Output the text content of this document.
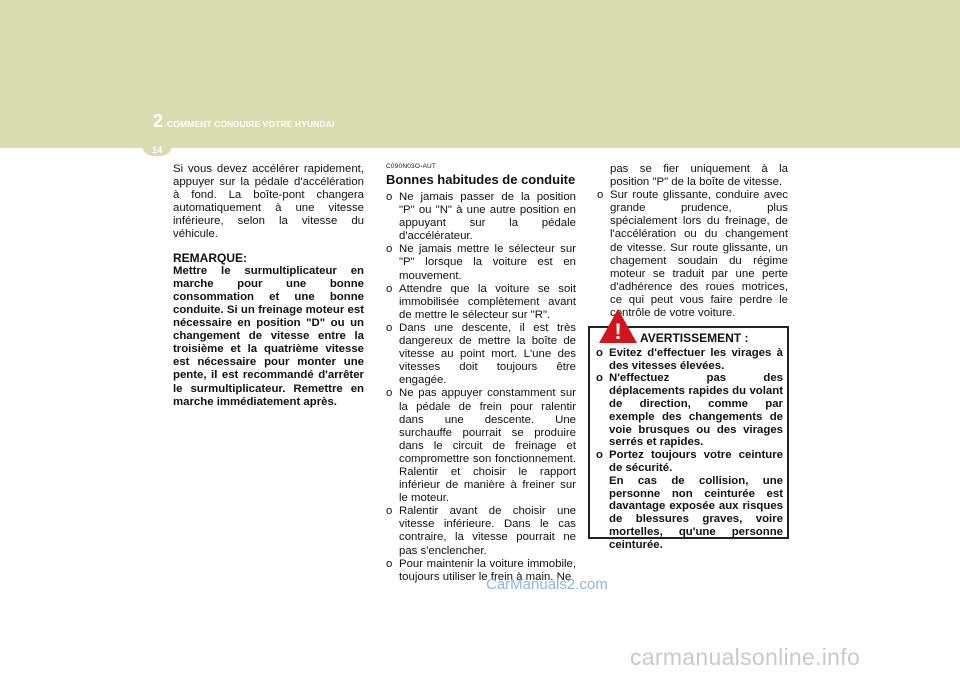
2 COMMENT CONDUIRE VOTRE HYUNDAI
14

Si vous devez accélérer rapidement, appuyer sur la pédale d'accélération à fond. La boîte-pont changera automatiquement à une vitesse inférieure, selon la vitesse du véhicule.

REMARQUE:

Mettre le surmultiplicateur en marche pour une bonne consommation et une bonne conduite. Si un freinage moteur est nécessaire en position "D" ou un changement de vitesse entre la troisième et la quatrième vitesse est nécessaire pour monter une pente, il est recommandé d'arrêter le surmultiplicateur. Remettre en marche immédiatement après.

C090N03O-AUT

Bonnes habitudes de conduite

o Ne jamais passer de la position "P" ou "N" à une autre position en appuyant sur la pédale d'accélérateur.
o Ne jamais mettre le sélecteur sur "P" lorsque la voiture est en mouvement.
o Attendre que la voiture se soit immobilisée complètement avant de mettre le sélecteur sur "R".
o Dans une descente, il est très dangereux de mettre la boîte de vitesse au point mort. L'une des vitesses doit toujours être engagée.
o Ne pas appuyer constamment sur la pédale de frein pour ralentir dans une descente. Une surchauffe pourrait se produire dans le circuit de freinage et compromettre son fonctionnement. Ralentir et choisir le rapport inférieur de manière à freiner sur le moteur.
o Ralentir avant de choisir une vitesse inférieure. Dans le cas contraire, la vitesse pourrait ne pas s'enclencher.
o Pour maintenir la voiture immobile, toujours utiliser le frein à main. Ne

pas se fier uniquement à la position "P" de la boîte de vitesse.

o Sur route glissante, conduire avec grande prudence, plus spécialement lors du freinage, de l'accélération ou du changement de vitesse. Sur route glissante, un chagement soudain du régime moteur se traduit par une perte d'adhérence des roues motrices, ce qui peut vous faire perdre le contrôle de votre voiture.

AVERTISSEMENT :

o Evitez d'effectuer les virages à des vitesses élevées.
o N'effectuez pas des déplacements rapides du volant de direction, comme par exemple des changements de voie brusques ou des virages serrés et rapides.
o Portez toujours votre ceinture de sécurité.
En cas de collision, une personne non ceinturée est davantage exposée aux risques de blessures graves, voire mortelles, qu'une personne ceinturée.
!
CarManuals2.com
carmanualsonline.info
